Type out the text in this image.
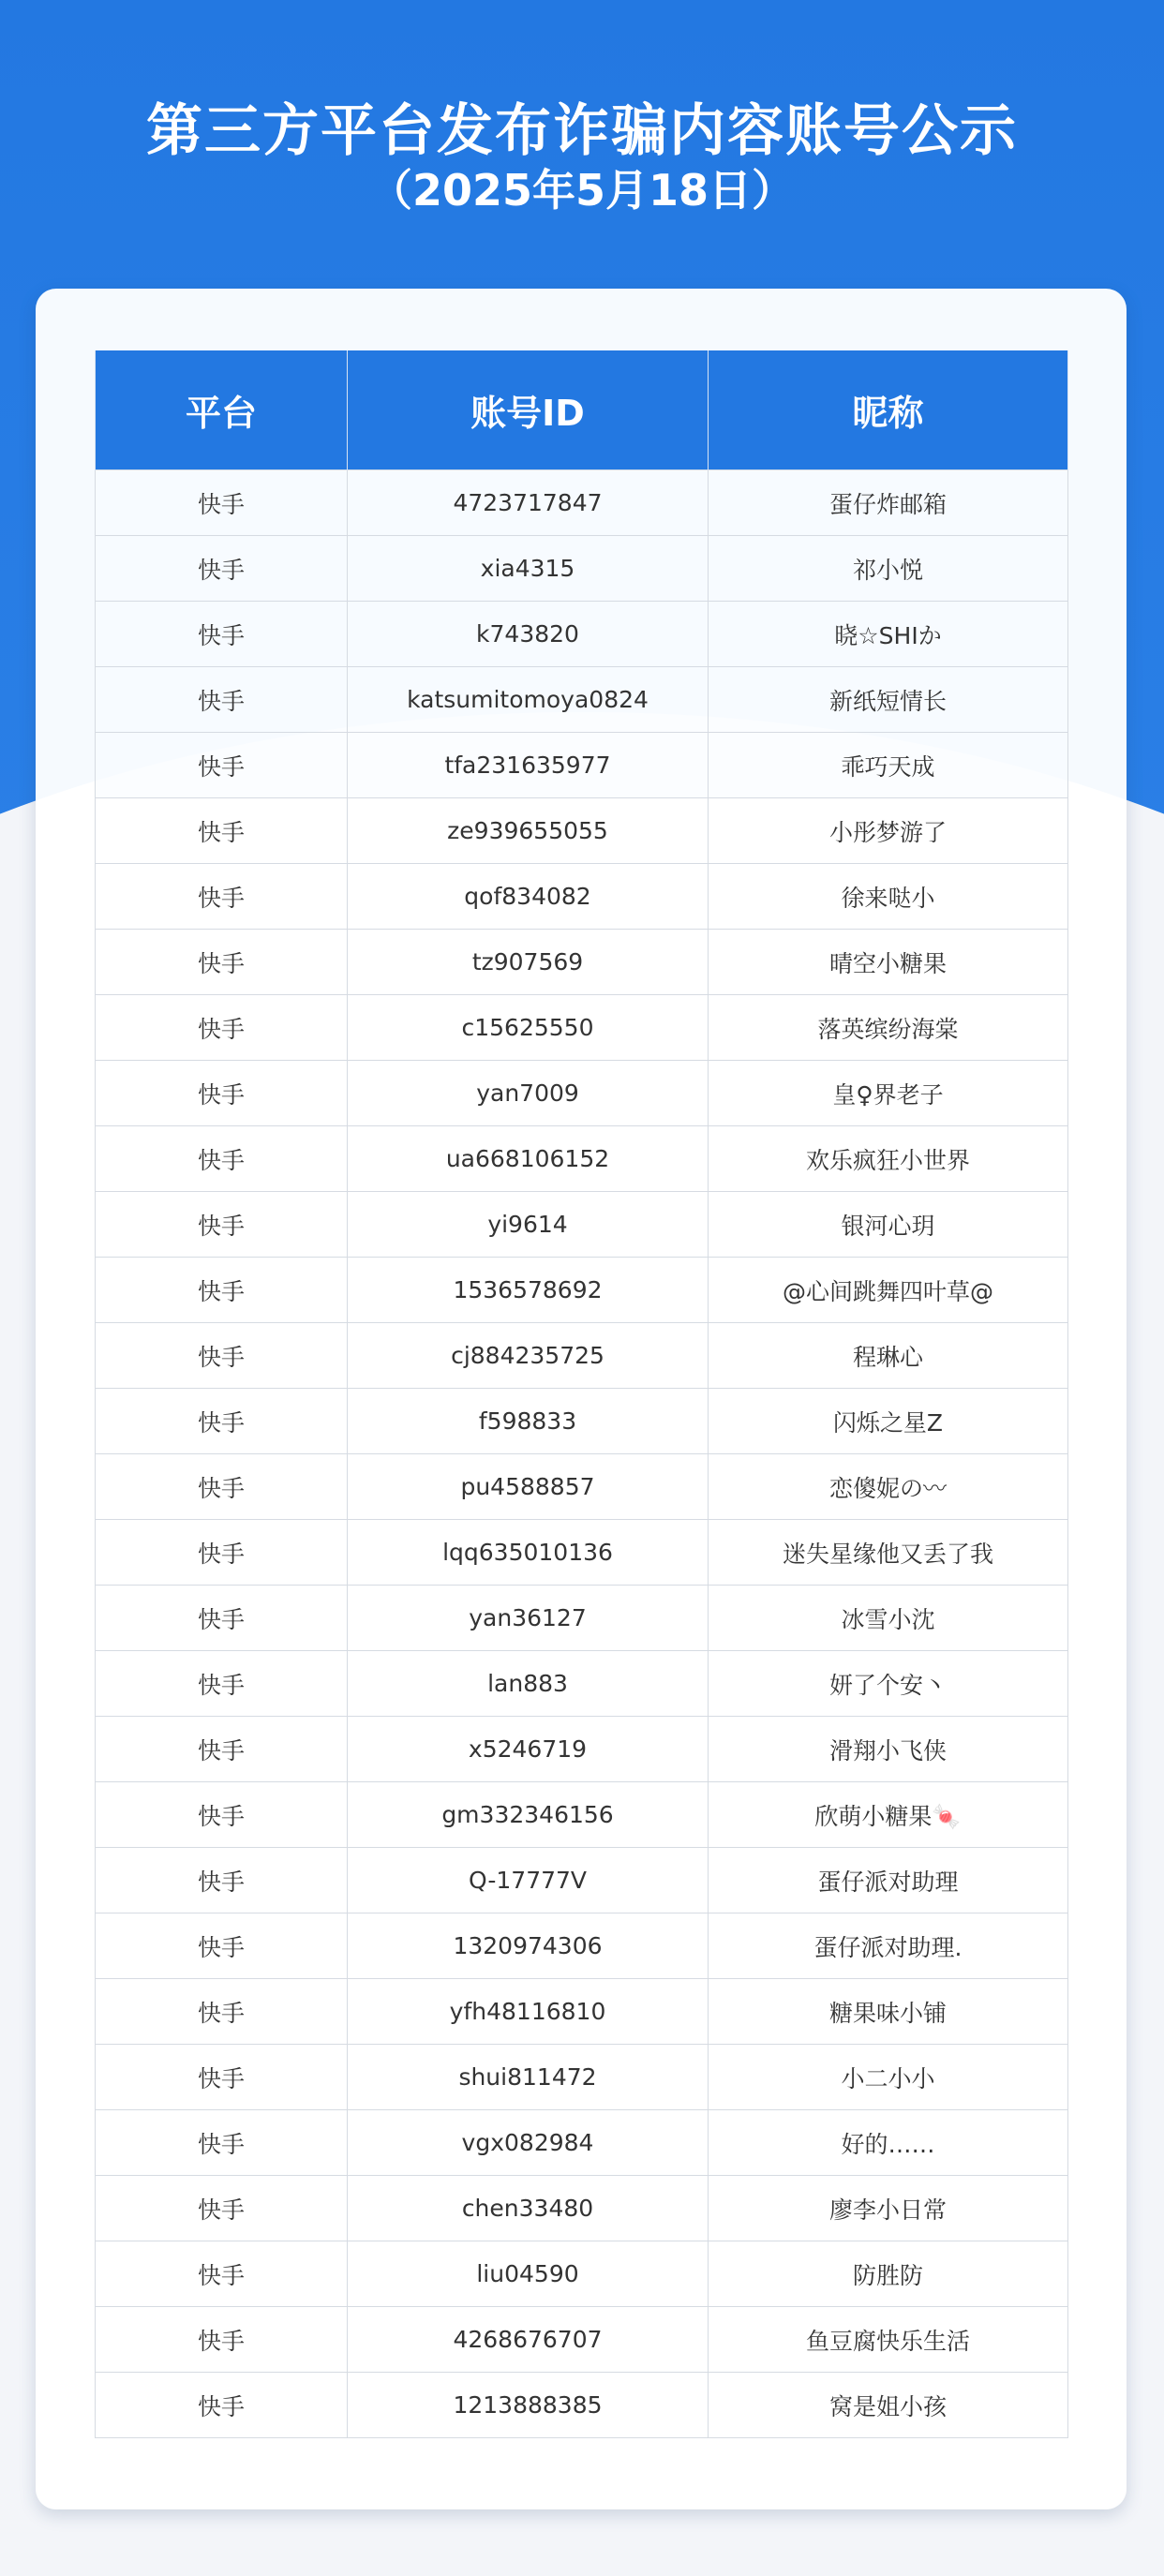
第三方平台发布诈骗内容账号公示
（2025年5月18日）
平台	账号ID	昵称
快手	4723717847	蛋仔炸邮箱
快手	xia4315	祁小悦
快手	k743820	晓☆SHIか
快手	katsumitomoya0824	新纸短情长
快手	tfa231635977	乖巧天成
快手	ze939655055	小彤梦游了
快手	qof834082	徐来哒小
快手	tz907569	晴空小糖果
快手	c15625550	落英缤纷海棠
快手	yan7009	皇♀界老子
快手	ua668106152	欢乐疯狂小世界
快手	yi9614	银河心玥
快手	1536578692	@心间跳舞四叶草@
快手	cj884235725	程琳心
快手	f598833	闪烁之星Z
快手	pu4588857	恋傻妮の〰
快手	lqq635010136	迷失星缘他又丢了我
快手	yan36127	冰雪小沈
快手	lan883	妍了个安丶
快手	x5246719	滑翔小飞侠
快手	gm332346156	欣萌小糖果🍬
快手	Q-17777V	蛋仔派对助理
快手	1320974306	蛋仔派对助理.
快手	yfh48116810	糖果味小铺
快手	shui811472	小二小小
快手	vgx082984	好的……
快手	chen33480	廖李小日常
快手	liu04590	防胜防
快手	4268676707	鱼豆腐快乐生活
快手	1213888385	窝是姐小孩
